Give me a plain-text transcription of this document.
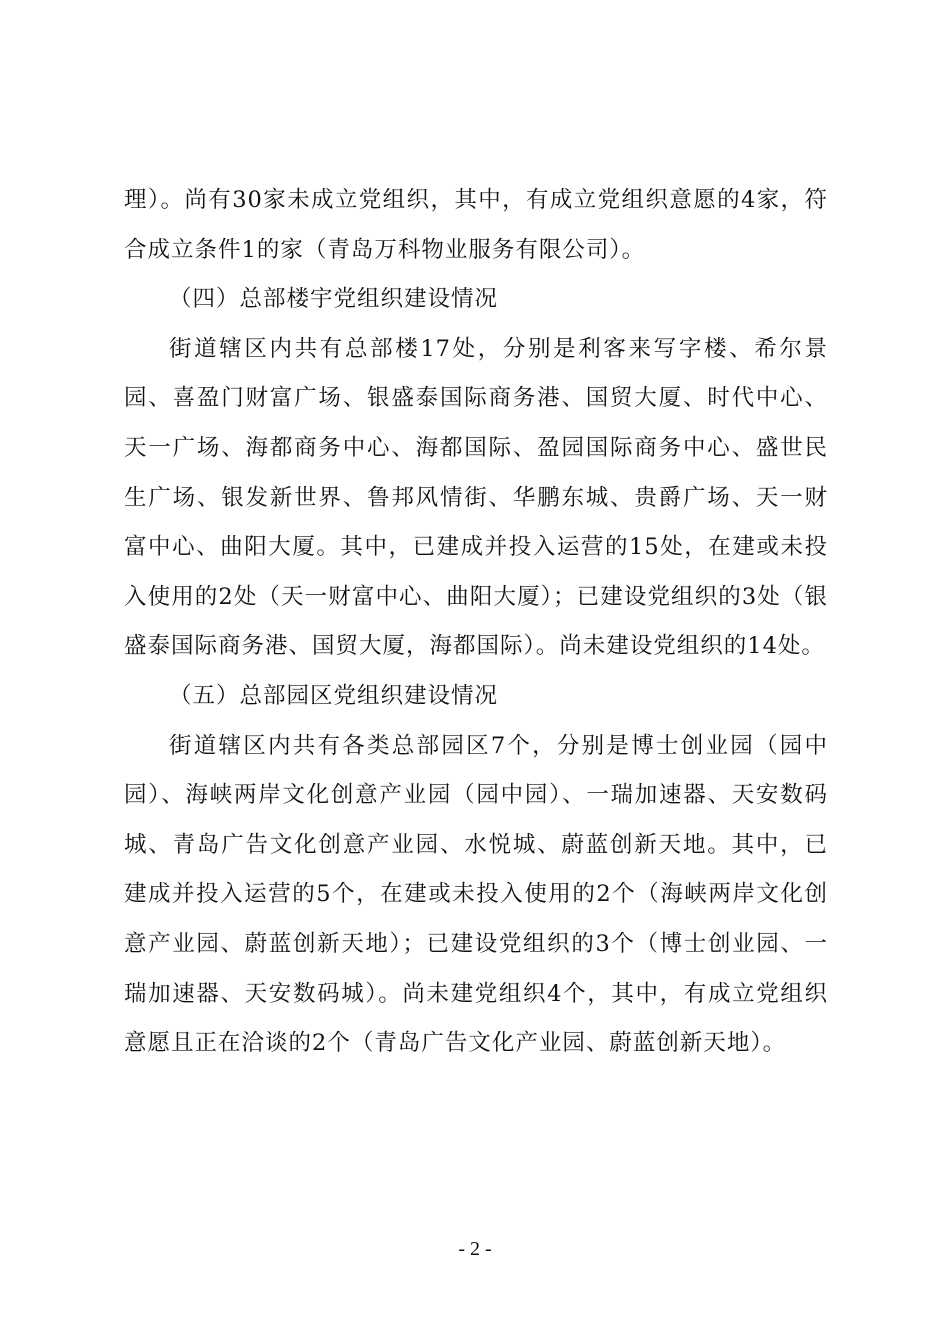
理）。尚有30家未成立党组织，其中，有成立党组织意愿的4家，符合成立条件1的家（青岛万科物业服务有限公司）。

（四）总部楼宇党组织建设情况

街道辖区内共有总部楼17处，分别是利客来写字楼、希尔景园、喜盈门财富广场、银盛泰国际商务港、国贸大厦、时代中心、天一广场、海都商务中心、海都国际、盈园国际商务中心、盛世民生广场、银发新世界、鲁邦风情街、华鹏东城、贵爵广场、天一财富中心、曲阳大厦。其中，已建成并投入运营的15处，在建或未投入使用的2处（天一财富中心、曲阳大厦）；已建设党组织的3处（银盛泰国际商务港、国贸大厦，海都国际）。尚未建设党组织的14处。

（五）总部园区党组织建设情况

街道辖区内共有各类总部园区7个，分别是博士创业园（园中园）、海峡两岸文化创意产业园（园中园）、一瑞加速器、天安数码城、青岛广告文化创意产业园、水悦城、蔚蓝创新天地。其中，已建成并投入运营的5个，在建或未投入使用的2个（海峡两岸文化创意产业园、蔚蓝创新天地）；已建设党组织的3个（博士创业园、一瑞加速器、天安数码城）。尚未建党组织4个，其中，有成立党组织意愿且正在洽谈的2个（青岛广告文化产业园、蔚蓝创新天地）。

- 2 -
